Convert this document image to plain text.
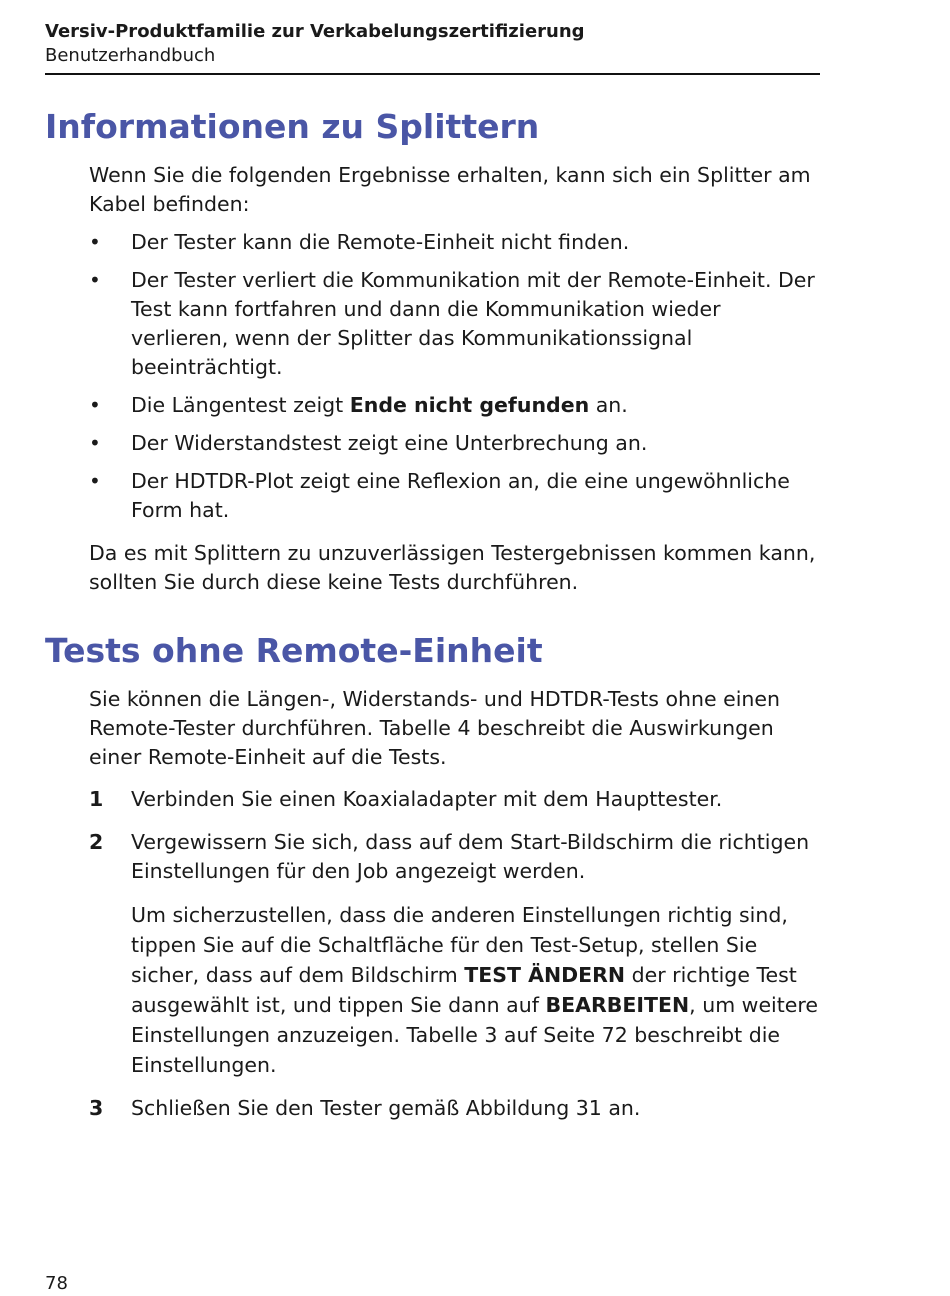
Versiv-Produktfamilie zur Verkabelungszertifizierung
Benutzerhandbuch
Informationen zu Splittern

Wenn Sie die folgenden Ergebnisse erhalten, kann sich ein Splitter am Kabel befinden:

•	Der Tester kann die Remote-Einheit nicht finden.
•	Der Tester verliert die Kommunikation mit der Remote-Einheit. Der Test kann fortfahren und dann die Kommunikation wieder verlieren, wenn der Splitter das Kommunikationssignal beeinträchtigt.
•	Die Längentest zeigt Ende nicht gefunden an.
•	Der Widerstandstest zeigt eine Unterbrechung an.
•	Der HDTDR-Plot zeigt eine Reflexion an, die eine ungewöhnliche Form hat.

Da es mit Splittern zu unzuverlässigen Testergebnissen kommen kann, sollten Sie durch diese keine Tests durchführen.

Tests ohne Remote-Einheit

Sie können die Längen-, Widerstands- und HDTDR-Tests ohne einen Remote-Tester durchführen. Tabelle 4 beschreibt die Auswirkungen einer Remote-Einheit auf die Tests.

1	Verbinden Sie einen Koaxialadapter mit dem Haupttester.
2	Vergewissern Sie sich, dass auf dem Start-Bildschirm die richtigen Einstellungen für den Job angezeigt werden.

Um sicherzustellen, dass die anderen Einstellungen richtig sind, tippen Sie auf die Schaltfläche für den Test-Setup, stellen Sie sicher, dass auf dem Bildschirm TEST ÄNDERN der richtige Test ausgewählt ist, und tippen Sie dann auf BEARBEITEN, um weitere Einstellungen anzuzeigen. Tabelle 3 auf Seite 72 beschreibt die Einstellungen.

3	Schließen Sie den Tester gemäß Abbildung 31 an.
78
